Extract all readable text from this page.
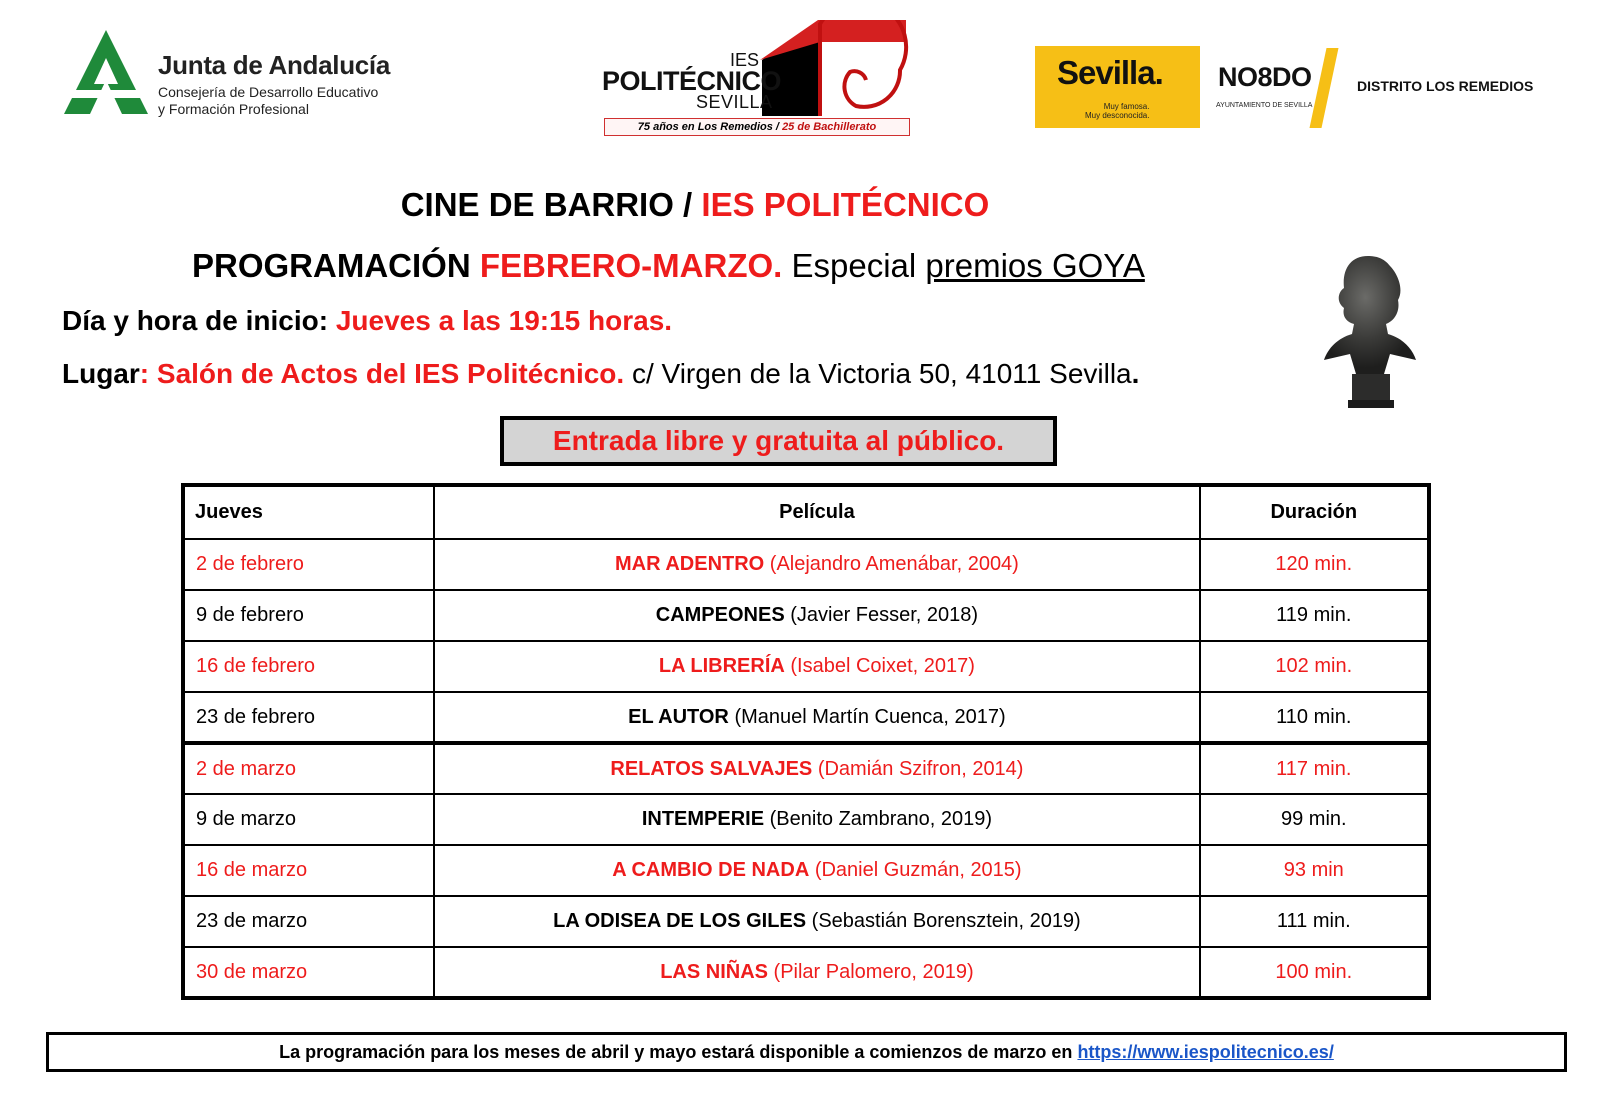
Junta de Andalucía
Consejería de Desarrollo Educativo
y Formación Profesional
IES
POLITÉCNICO
SEVILLA
75 años en Los Remedios / 25 de Bachillerato
Sevilla.
Muy famosa.
Muy desconocida.
NO8DO
AYUNTAMIENTO DE SEVILLA
DISTRITO LOS REMEDIOS
CINE DE BARRIO / IES POLITÉCNICO
PROGRAMACIÓN FEBRERO-MARZO. Especial premios GOYA
Día y hora de inicio: Jueves a las 19:15 horas.
Lugar: Salón de Actos del IES Politécnico. c/ Virgen de la Victoria 50, 41011 Sevilla.
Entrada libre y gratuita al público.
Jueves	Película	Duración
2 de febrero	MAR ADENTRO (Alejandro Amenábar, 2004)	120 min.
9 de febrero	CAMPEONES (Javier Fesser, 2018)	119 min.
16 de febrero	LA LIBRERÍA (Isabel Coixet, 2017)	102 min.
23 de febrero	EL AUTOR (Manuel Martín Cuenca, 2017)	110 min.
2 de marzo	RELATOS SALVAJES (Damián Szifron, 2014)	117 min.
9 de marzo	INTEMPERIE (Benito Zambrano, 2019)	99 min.
16 de marzo	A CAMBIO DE NADA (Daniel Guzmán, 2015)	93 min
23 de marzo	LA ODISEA DE LOS GILES (Sebastián Borensztein, 2019)	111 min.
30 de marzo	LAS NIÑAS (Pilar Palomero, 2019)	100 min.
La programación para los meses de abril y mayo estará disponible a comienzos de marzo en https://www.iespolitecnico.es/
